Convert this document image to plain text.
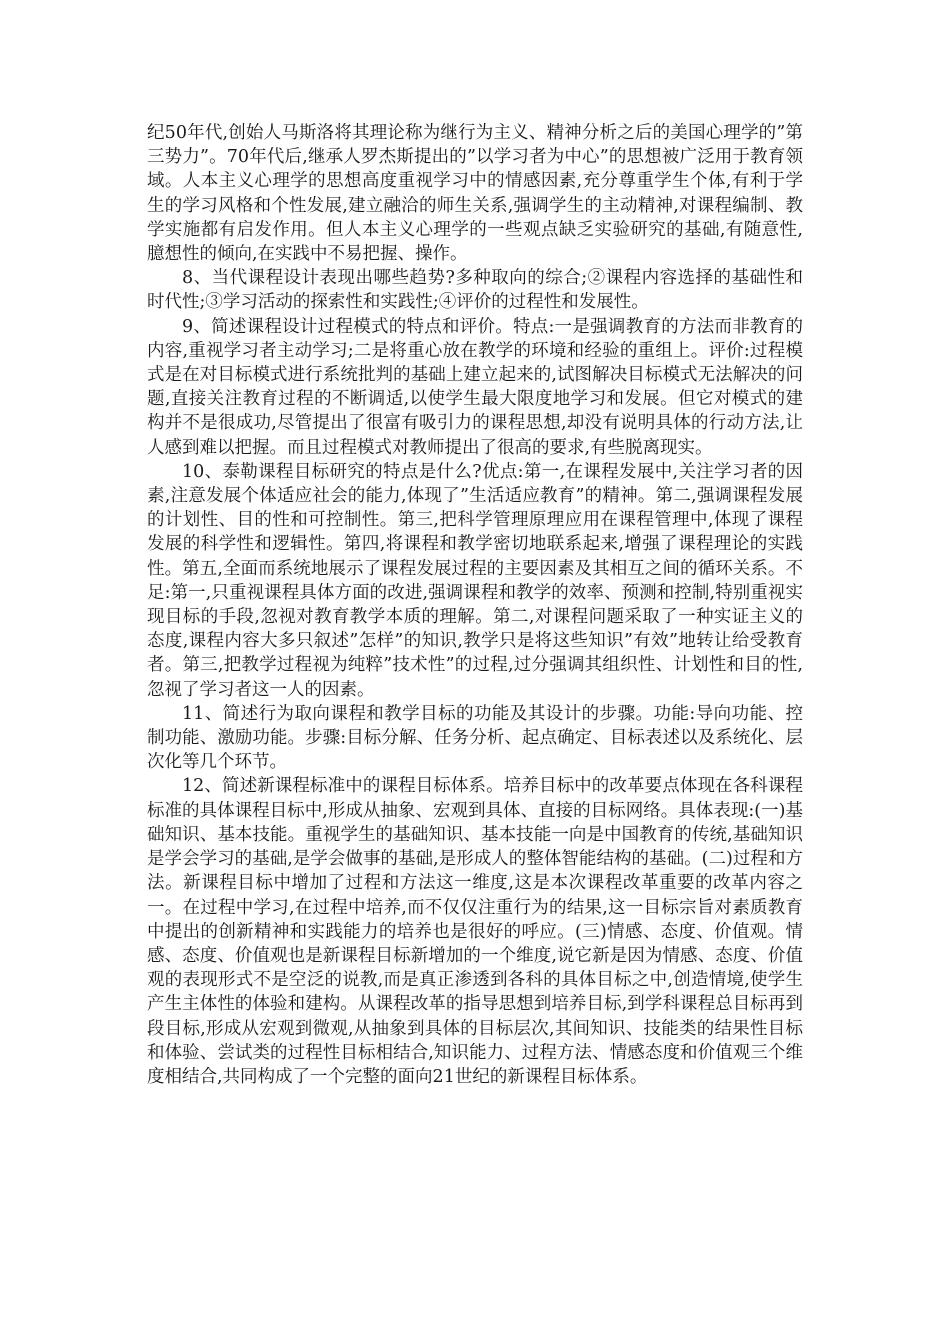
纪50年代,创始人马斯洛将其理论称为继行为主义、精神分析之后的美国心理学的”第三势力”。70年代后,继承人罗杰斯提出的”以学习者为中心”的思想被广泛用于教育领域。人本主义心理学的思想高度重视学习中的情感因素,充分尊重学生个体,有利于学生的学习风格和个性发展,建立融洽的师生关系,强调学生的主动精神,对课程编制、教学实施都有启发作用。但人本主义心理学的一些观点缺乏实验研究的基础,有随意性,臆想性的倾向,在实践中不易把握、操作。

8、当代课程设计表现出哪些趋势?多种取向的综合;②课程内容选择的基础性和时代性;③学习活动的探索性和实践性;④评价的过程性和发展性。

9、简述课程设计过程模式的特点和评价。特点:一是强调教育的方法而非教育的内容,重视学习者主动学习;二是将重心放在教学的环境和经验的重组上。评价:过程模式是在对目标模式进行系统批判的基础上建立起来的,试图解决目标模式无法解决的问题,直接关注教育过程的不断调适,以使学生最大限度地学习和发展。但它对模式的建构并不是很成功,尽管提出了很富有吸引力的课程思想,却没有说明具体的行动方法,让人感到难以把握。而且过程模式对教师提出了很高的要求,有些脱离现实。

10、泰勒课程目标研究的特点是什么?优点:第一,在课程发展中,关注学习者的因素,注意发展个体适应社会的能力,体现了”生活适应教育”的精神。第二,强调课程发展的计划性、目的性和可控制性。第三,把科学管理原理应用在课程管理中,体现了课程发展的科学性和逻辑性。第四,将课程和教学密切地联系起来,增强了课程理论的实践性。第五,全面而系统地展示了课程发展过程的主要因素及其相互之间的循环关系。不足:第一,只重视课程具体方面的改进,强调课程和教学的效率、预测和控制,特别重视实现目标的手段,忽视对教育教学本质的理解。第二,对课程问题采取了一种实证主义的态度,课程内容大多只叙述”怎样”的知识,教学只是将这些知识”有效”地转让给受教育者。第三,把教学过程视为纯粹”技术性”的过程,过分强调其组织性、计划性和目的性,忽视了学习者这一人的因素。

11、简述行为取向课程和教学目标的功能及其设计的步骤。功能:导向功能、控制功能、激励功能。步骤:目标分解、任务分析、起点确定、目标表述以及系统化、层次化等几个环节。

12、简述新课程标准中的课程目标体系。培养目标中的改革要点体现在各科课程标准的具体课程目标中,形成从抽象、宏观到具体、直接的目标网络。具体表现:(一)基础知识、基本技能。重视学生的基础知识、基本技能一向是中国教育的传统,基础知识是学会学习的基础,是学会做事的基础,是形成人的整体智能结构的基础。(二)过程和方法。新课程目标中增加了过程和方法这一维度,这是本次课程改革重要的改革内容之一。在过程中学习,在过程中培养,而不仅仅注重行为的结果,这一目标宗旨对素质教育中提出的创新精神和实践能力的培养也是很好的呼应。(三)情感、态度、价值观。情感、态度、价值观也是新课程目标新增加的一个维度,说它新是因为情感、态度、价值观的表现形式不是空泛的说教,而是真正渗透到各科的具体目标之中,创造情境,使学生产生主体性的体验和建构。从课程改革的指导思想到培养目标,到学科课程总目标再到段目标,形成从宏观到微观,从抽象到具体的目标层次,其间知识、技能类的结果性目标和体验、尝试类的过程性目标相结合,知识能力、过程方法、情感态度和价值观三个维度相结合,共同构成了一个完整的面向21世纪的新课程目标体系。
